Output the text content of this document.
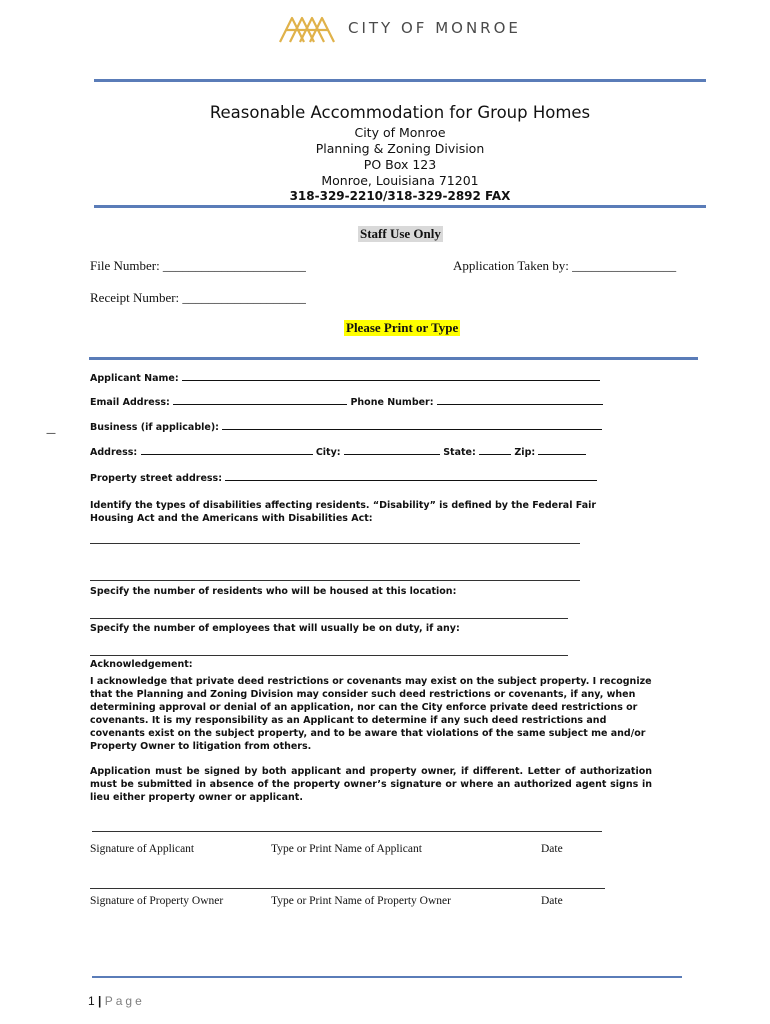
CITY OF MONROE
Reasonable Accommodation for Group Homes
City of Monroe
Planning & Zoning Division
PO Box 123
Monroe, Louisiana 71201
318-329-2210/318-329-2892 FAX
Staff Use Only
File Number: ______________________	Application Taken by: ________________
Receipt Number: ___________________
Please Print or Type
—
Applicant Name:
Email Address:	Phone Number:
Business (if applicable):
Address:	City:	State:	Zip:
Property street address:
Identify the types of disabilities affecting residents. “Disability” is defined by the Federal Fair Housing Act and the Americans with Disabilities Act:
Specify the number of residents who will be housed at this location:
Specify the number of employees that will usually be on duty, if any:
Acknowledgement:
I acknowledge that private deed restrictions or covenants may exist on the subject property. I recognize that the Planning and Zoning Division may consider such deed restrictions or covenants, if any, when determining approval or denial of an application, nor can the City enforce private deed restrictions or covenants. It is my responsibility as an Applicant to determine if any such deed restrictions and covenants exist on the subject property, and to be aware that violations of the same subject me and/or Property Owner to litigation from others.
Application must be signed by both applicant and property owner, if different. Letter of authorization must be submitted in absence of the property owner’s signature or where an authorized agent signs in lieu either property owner or applicant.
Signature of Applicant	Type or Print Name of Applicant	Date
Signature of Property Owner	Type or Print Name of Property Owner	Date
1 | Page
